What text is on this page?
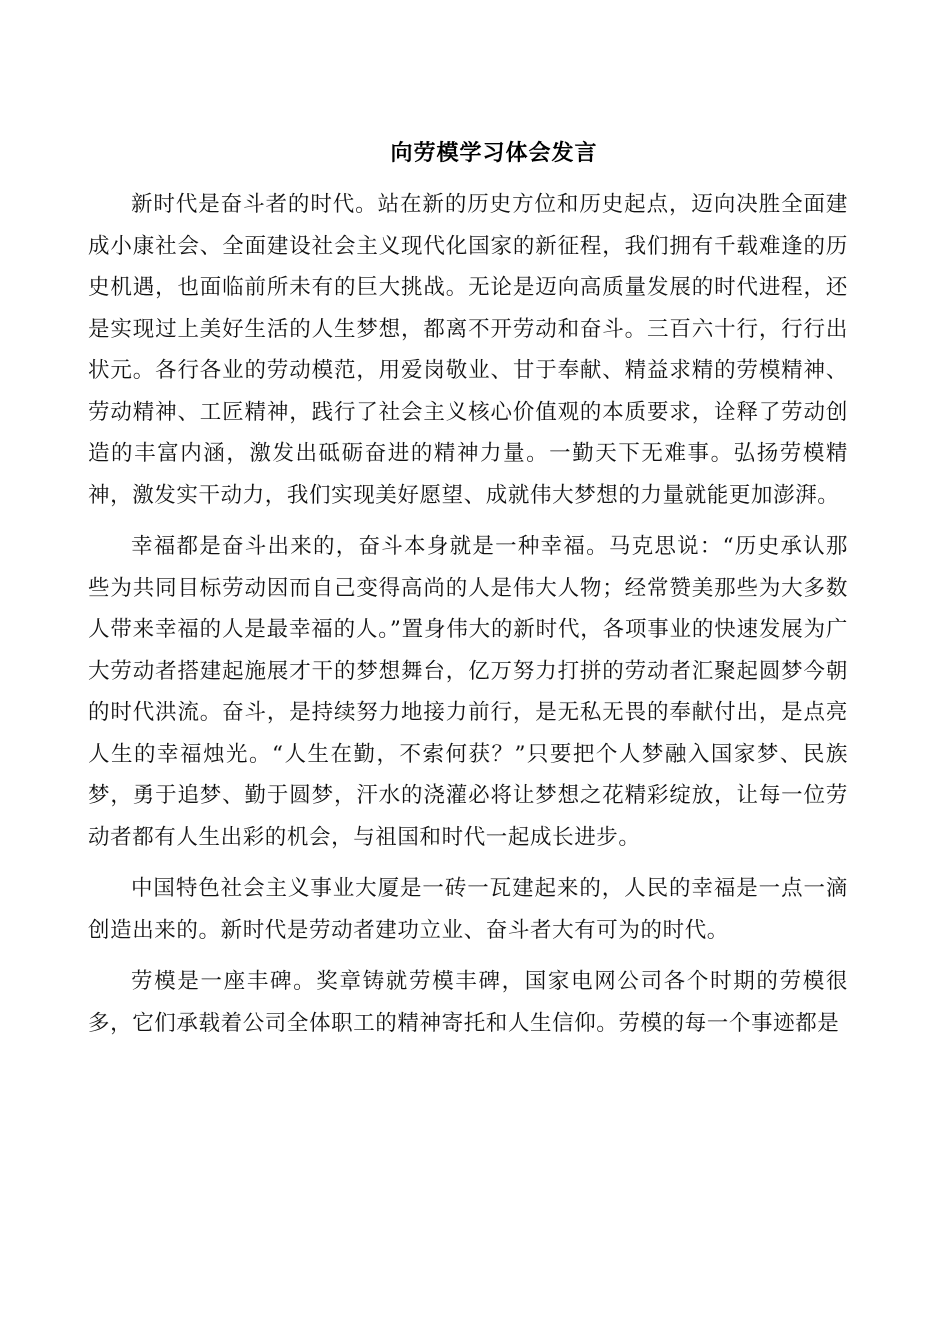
向劳模学习体会发言

新时代是奋斗者的时代。站在新的历史方位和历史起点，迈向决胜全面建成小康社会、全面建设社会主义现代化国家的新征程，我们拥有千载难逢的历史机遇，也面临前所未有的巨大挑战。无论是迈向高质量发展的时代进程，还是实现过上美好生活的人生梦想，都离不开劳动和奋斗。三百六十行，行行出状元。各行各业的劳动模范，用爱岗敬业、甘于奉献、精益求精的劳模精神、劳动精神、工匠精神，践行了社会主义核心价值观的本质要求，诠释了劳动创造的丰富内涵，激发出砥砺奋进的精神力量。一勤天下无难事。弘扬劳模精神，激发实干动力，我们实现美好愿望、成就伟大梦想的力量就能更加澎湃。

幸福都是奋斗出来的，奋斗本身就是一种幸福。马克思说：“历史承认那些为共同目标劳动因而自己变得高尚的人是伟大人物；经常赞美那些为大多数人带来幸福的人是最幸福的人。”置身伟大的新时代，各项事业的快速发展为广大劳动者搭建起施展才干的梦想舞台，亿万努力打拼的劳动者汇聚起圆梦今朝的时代洪流。奋斗，是持续努力地接力前行，是无私无畏的奉献付出，是点亮人生的幸福烛光。“人生在勤，不索何获？”只要把个人梦融入国家梦、民族梦，勇于追梦、勤于圆梦，汗水的浇灌必将让梦想之花精彩绽放，让每一位劳动者都有人生出彩的机会，与祖国和时代一起成长进步。

中国特色社会主义事业大厦是一砖一瓦建起来的，人民的幸福是一点一滴创造出来的。新时代是劳动者建功立业、奋斗者大有可为的时代。

劳模是一座丰碑。奖章铸就劳模丰碑，国家电网公司各个时期的劳模很多，它们承载着公司全体职工的精神寄托和人生信仰。劳模的每一个事迹都是
